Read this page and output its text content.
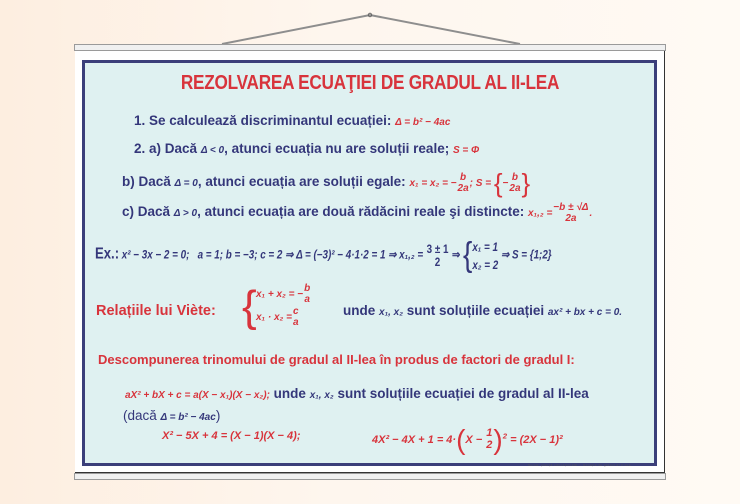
REZOLVAREA ECUAŢIEI DE GRADUL AL II-LEA
1. Se calculează discriminantul ecuației: Δ = b² − 4ac
2. a) Dacă Δ < 0, atunci ecuația nu are soluții reale; S = Φ
b) Dacă Δ = 0, atunci ecuația are soluții egale: x₁ = x₂ = −
b
2a ; S = {−
b
2a }
c) Dacă Δ > 0, atunci ecuația are două rădăcini reale şi distincte: x₁,₂ =
−b ± √Δ
2a	.
Ex.: x² − 3x − 2 = 0; a = 1; b = −3; c = 2 ⇒ Δ = (−3)² − 4·1·2 = 1 ⇒ x₁,₂ = 3 ± 1
2 ⇒ { x₁ = 1
x₂ = 2
⇒ S = {1;2}
Relațiile lui Viète: { x₁ + x₂ = −
b
a
x₁ · x₂ =
c
a
unde x₁, x₂ sunt soluțiile ecuației ax² + bx + c = 0.
Descompunerea trinomului de gradul al II-lea în produs de factori de gradul I:
aX² + bX + c = a(X − x₁)(X − x₂); unde x₁, x₂ sunt soluțiile ecuației de gradul al II-lea
(dacă Δ = b² − 4ac)
X² − 5X + 4 = (X − 1)(X − 4);	4X² − 4X + 1 = 4·(X −
1
2 )$^2$ = (2X − 1)²
Sursa: planșă educațională — Ecuația de gradul al II-lea
